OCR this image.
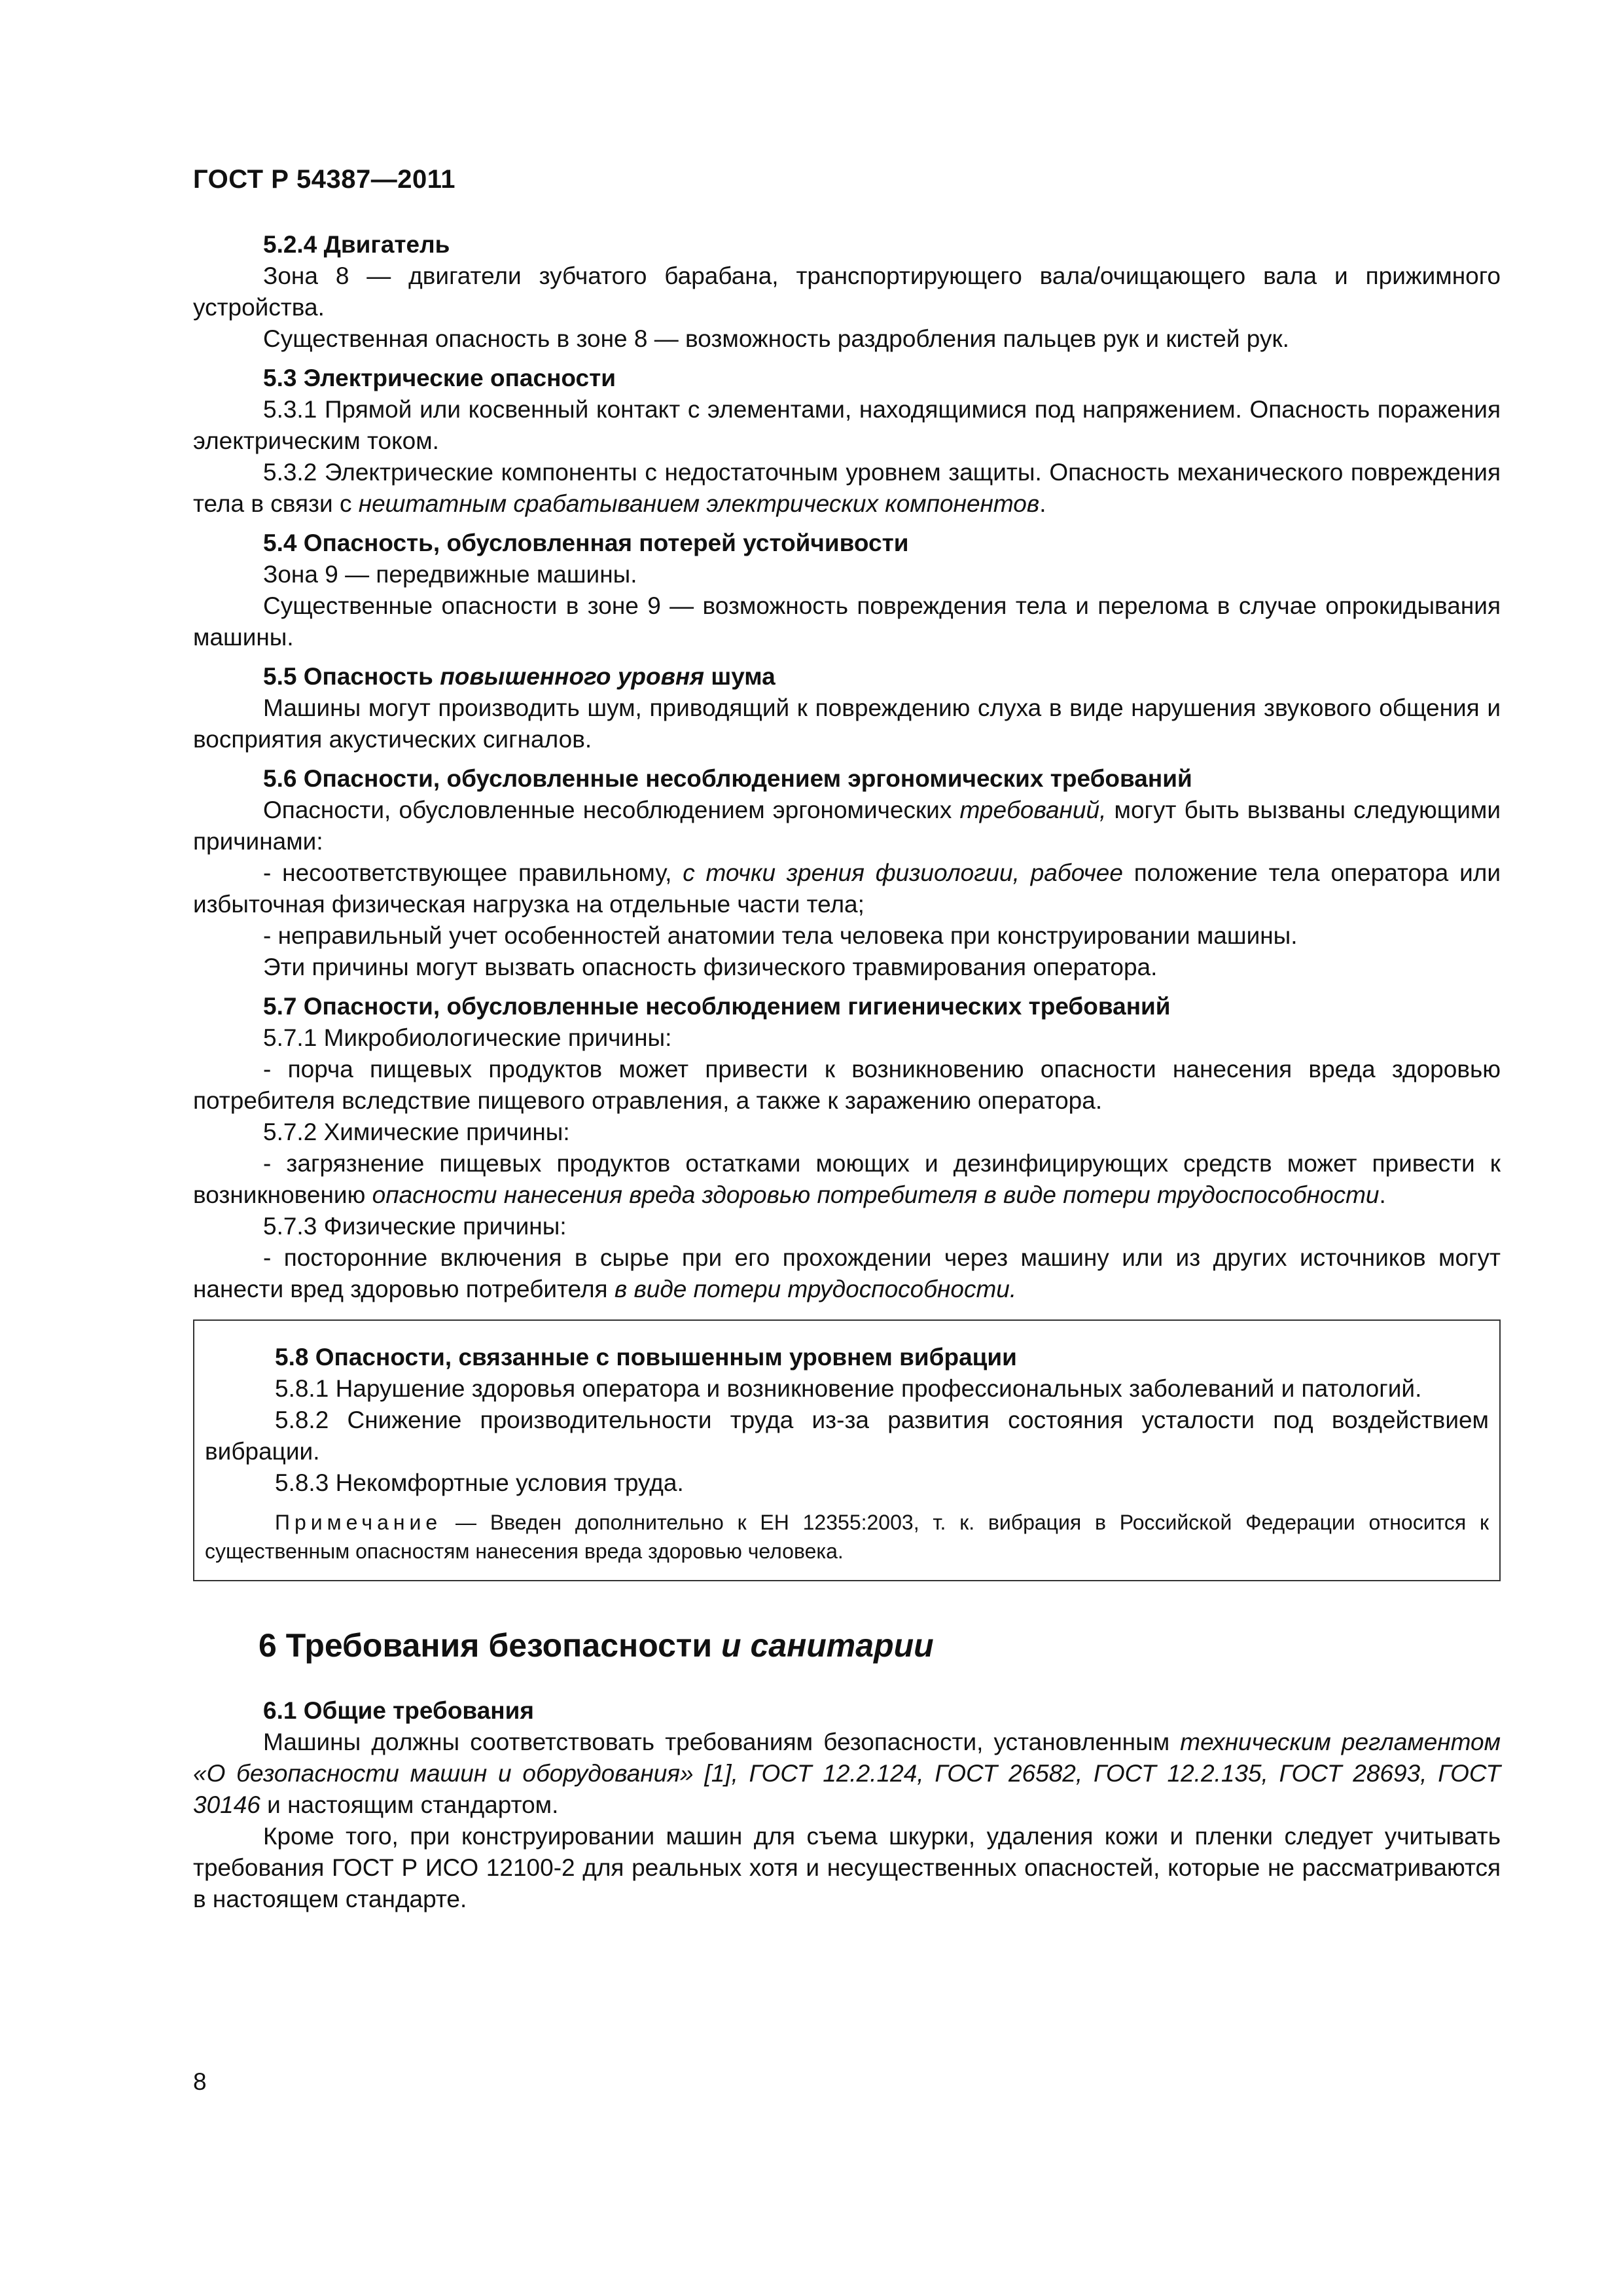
ГОСТ Р 54387—2011

5.2.4 Двигатель

Зона 8 — двигатели зубчатого барабана, транспортирующего вала/очищающего вала и прижимного устройства.

Существенная опасность в зоне 8 — возможность раздробления пальцев рук и кистей рук.

5.3 Электрические опасности

5.3.1 Прямой или косвенный контакт с элементами, находящимися под напряжением. Опасность поражения электрическим током.

5.3.2 Электрические компоненты с недостаточным уровнем защиты. Опасность механического повреждения тела в связи с нештатным срабатыванием электрических компонентов.

5.4 Опасность, обусловленная потерей устойчивости

Зона 9 — передвижные машины.

Существенные опасности в зоне 9 — возможность повреждения тела и перелома в случае опрокидывания машины.

5.5 Опасность повышенного уровня шума

Машины могут производить шум, приводящий к повреждению слуха в виде нарушения звукового общения и восприятия акустических сигналов.

5.6 Опасности, обусловленные несоблюдением эргономических требований

Опасности, обусловленные несоблюдением эргономических требований, могут быть вызваны следующими причинами:

- несоответствующее правильному, с точки зрения физиологии, рабочее положение тела оператора или избыточная физическая нагрузка на отдельные части тела;

- неправильный учет особенностей анатомии тела человека при конструировании машины.

Эти причины могут вызвать опасность физического травмирования оператора.

5.7 Опасности, обусловленные несоблюдением гигиенических требований

5.7.1 Микробиологические причины:

- порча пищевых продуктов может привести к возникновению опасности нанесения вреда здоровью потребителя вследствие пищевого отравления, а также к заражению оператора.

5.7.2 Химические причины:

- загрязнение пищевых продуктов остатками моющих и дезинфицирующих средств может привести к возникновению опасности нанесения вреда здоровью потребителя в виде потери трудоспособности.

5.7.3 Физические причины:

- посторонние включения в сырье при его прохождении через машину или из других источников могут нанести вред здоровью потребителя в виде потери трудоспособности.

5.8 Опасности, связанные с повышенным уровнем вибрации

5.8.1 Нарушение здоровья оператора и возникновение профессиональных заболеваний и патологий.

5.8.2 Снижение производительности труда из-за развития состояния усталости под воздействием вибрации.

5.8.3 Некомфортные условия труда.

Примечание — Введен дополнительно к ЕН 12355:2003, т. к. вибрация в Российской Федерации относится к существенным опасностям нанесения вреда здоровью человека.

6 Требования безопасности и санитарии

6.1 Общие требования

Машины должны соответствовать требованиям безопасности, установленным техническим регламентом «О безопасности машин и оборудования» [1], ГОСТ 12.2.124, ГОСТ 26582, ГОСТ 12.2.135, ГОСТ 28693, ГОСТ 30146 и настоящим стандартом.

Кроме того, при конструировании машин для съема шкурки, удаления кожи и пленки следует учитывать требования ГОСТ Р ИСО 12100-2 для реальных хотя и несущественных опасностей, которые не рассматриваются в настоящем стандарте.

8
